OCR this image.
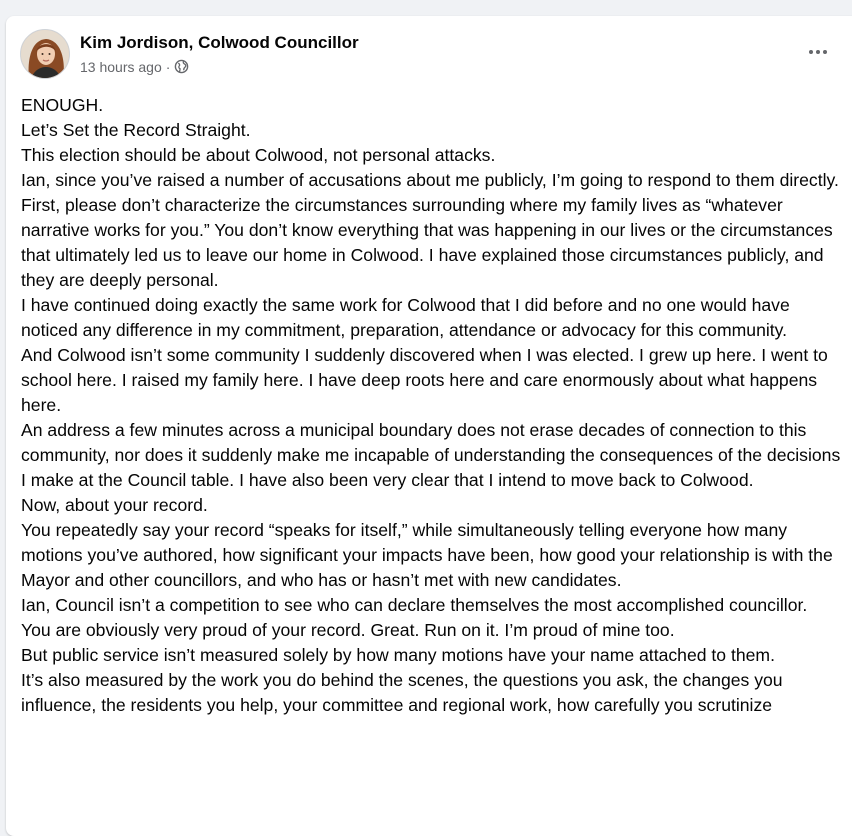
Kim Jordison, Colwood Councillor
13 hours ago ·

ENOUGH.

Let’s Set the Record Straight.

This election should be about Colwood, not personal attacks.

Ian, since you’ve raised a number of accusations about me publicly, I’m going to respond to them directly.

First, please don’t characterize the circumstances surrounding where my family lives as “whatever narrative works for you.” You don’t know everything that was happening in our lives or the circumstances that ultimately led us to leave our home in Colwood. I have explained those circumstances publicly, and they are deeply personal.

I have continued doing exactly the same work for Colwood that I did before and no one would have noticed any difference in my commitment, preparation, attendance or advocacy for this community.

And Colwood isn’t some community I suddenly discovered when I was elected. I grew up here. I went to school here. I raised my family here. I have deep roots here and care enormously about what happens here.

An address a few minutes across a municipal boundary does not erase decades of connection to this community, nor does it suddenly make me incapable of understanding the consequences of the decisions I make at the Council table. I have also been very clear that I intend to move back to Colwood.

Now, about your record.

You repeatedly say your record “speaks for itself,” while simultaneously telling everyone how many motions you’ve authored, how significant your impacts have been, how good your relationship is with the Mayor and other councillors, and who has or hasn’t met with new candidates.

Ian, Council isn’t a competition to see who can declare themselves the most accomplished councillor.

You are obviously very proud of your record. Great. Run on it. I’m proud of mine too.

But public service isn’t measured solely by how many motions have your name attached to them.

It’s also measured by the work you do behind the scenes, the questions you ask, the changes you influence, the residents you help, your committee and regional work, how carefully you scrutinize
